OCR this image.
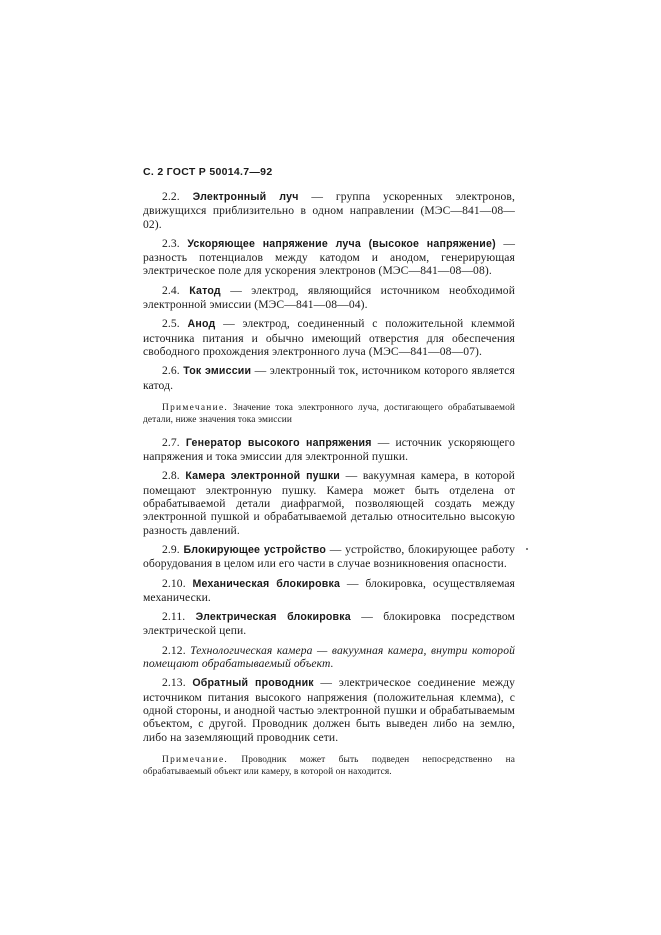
С. 2 ГОСТ Р 50014.7—92

2.2. Электронный луч — группа ускоренных электронов, движущихся приблизительно в одном направлении (МЭС—841—08—02).

2.3. Ускоряющее напряжение луча (высокое напряжение) — разность потенциалов между катодом и анодом, генерирующая электрическое поле для ускорения электронов (МЭС—841—08—08).

2.4. Катод — электрод, являющийся источником необходимой электронной эмиссии (МЭС—841—08—04).

2.5. Анод — электрод, соединенный с положительной клеммой источника питания и обычно имеющий отверстия для обеспечения свободного прохождения электронного луча (МЭС—841—08—07).

2.6. Ток эмиссии — электронный ток, источником которого является катод.

Примечание. Значение тока электронного луча, достигающего обрабатываемой детали, ниже значения тока эмиссии

2.7. Генератор высокого напряжения — источник ускоряющего напряжения и тока эмиссии для электронной пушки.

2.8. Камера электронной пушки — вакуумная камера, в которой помещают электронную пушку. Камера может быть отделена от обрабатываемой детали диафрагмой, позволяющей создать между электронной пушкой и обрабатываемой деталью относительно высокую разность давлений.

2.9. Блокирующее устройство — устройство, блокирующее работу оборудования в целом или его части в случае возникновения опасности.

2.10. Механическая блокировка — блокировка, осуществляемая механически.

2.11. Электрическая блокировка — блокировка посредством электрической цепи.

2.12. Технологическая камера — вакуумная камера, внутри которой помещают обрабатываемый объект.

2.13. Обратный проводник — электрическое соединение между источником питания высокого напряжения (положительная клемма), с одной стороны, и анодной частью электронной пушки и обрабатываемым объектом, с другой. Проводник должен быть выведен либо на землю, либо на заземляющий проводник сети.

Примечание. Проводник может быть подведен непосредственно на обрабатываемый объект или камеру, в которой он находится.
